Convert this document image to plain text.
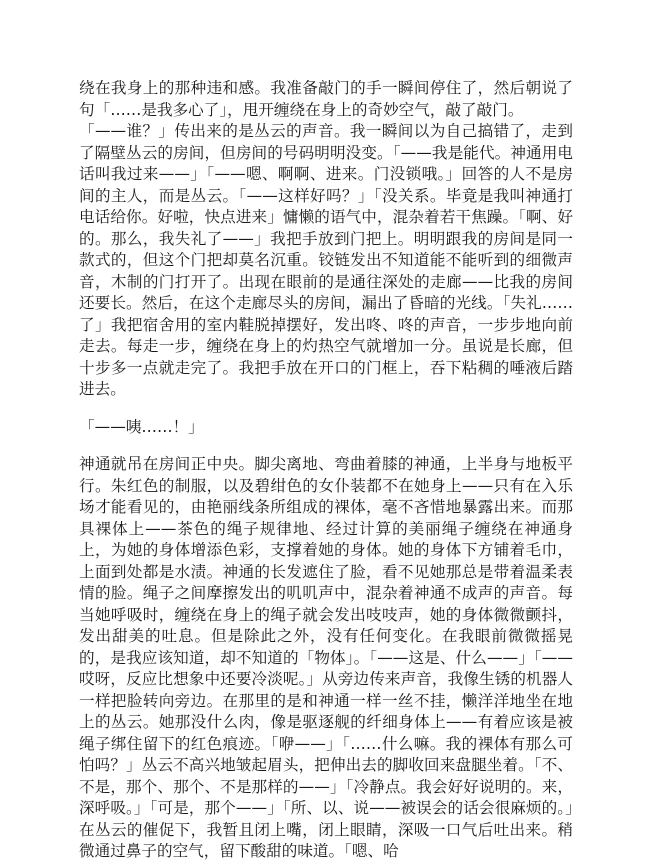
绕在我身上的那种违和感。我准备敲门的手一瞬间停住了，然后朝说了句「……是我多心了」，甩开缠绕在身上的奇妙空气，敲了敲门。

「——谁？」传出来的是丛云的声音。我一瞬间以为自己搞错了，走到了隔壁丛云的房间，但房间的号码明明没变。「——我是能代。神通用电话叫我过来——」「——嗯、啊啊、进来。门没锁哦。」回答的人不是房间的主人，而是丛云。「——这样好吗？」「没关系。毕竟是我叫神通打电话给你。好啦，快点进来」慵懒的语气中，混杂着若干焦躁。「啊、好的。那么，我失礼了——」我把手放到门把上。明明跟我的房间是同一款式的，但这个门把却莫名沉重。铰链发出不知道能不能听到的细微声音，木制的门打开了。出现在眼前的是通往深处的走廊——比我的房间还要长。然后，在这个走廊尽头的房间，漏出了昏暗的光线。「失礼……了」我把宿舍用的室内鞋脱掉摆好，发出咚、咚的声音，一步步地向前走去。每走一步，缠绕在身上的灼热空气就增加一分。虽说是长廊，但十步多一点就走完了。我把手放在开口的门框上，吞下粘稠的唾液后踏进去。

「——咦……！」

神通就吊在房间正中央。脚尖离地、弯曲着膝的神通，上半身与地板平行。朱红色的制服，以及碧绀色的女仆装都不在她身上——只有在入乐场才能看见的，由艳丽线条所组成的裸体，毫不吝惜地暴露出来。而那具裸体上——茶色的绳子规律地、经过计算的美丽绳子缠绕在神通身上，为她的身体增添色彩，支撑着她的身体。她的身体下方铺着毛巾，上面到处都是水渍。神通的长发遮住了脸，看不见她那总是带着温柔表情的脸。绳子之间摩擦发出的叽叽声中，混杂着神通不成声的声音。每当她呼吸时，缠绕在身上的绳子就会发出吱吱声，她的身体微微颤抖，发出甜美的吐息。但是除此之外，没有任何变化。在我眼前微微摇晃的，是我应该知道，却不知道的「物体」。「——这是、什么——」「——哎呀，反应比想象中还要冷淡呢。」从旁边传来声音，我像生锈的机器人一样把脸转向旁边。在那里的是和神通一样一丝不挂，懒洋洋地坐在地上的丛云。她那没什么肉，像是驱逐舰的纤细身体上——有着应该是被绳子绑住留下的红色痕迹。「咿——」「……什么嘛。我的裸体有那么可怕吗？」丛云不高兴地皱起眉头，把伸出去的脚收回来盘腿坐着。「不、不是，那个、那个、不是那样的——」「冷静点。我会好好说明的。来，深呼吸。」「可是，那个——」「所、以、说——被误会的话会很麻烦的。」在丛云的催促下，我暂且闭上嘴，闭上眼睛，深吸一口气后吐出来。稍微通过鼻子的空气，留下酸甜的味道。「嗯、哈
